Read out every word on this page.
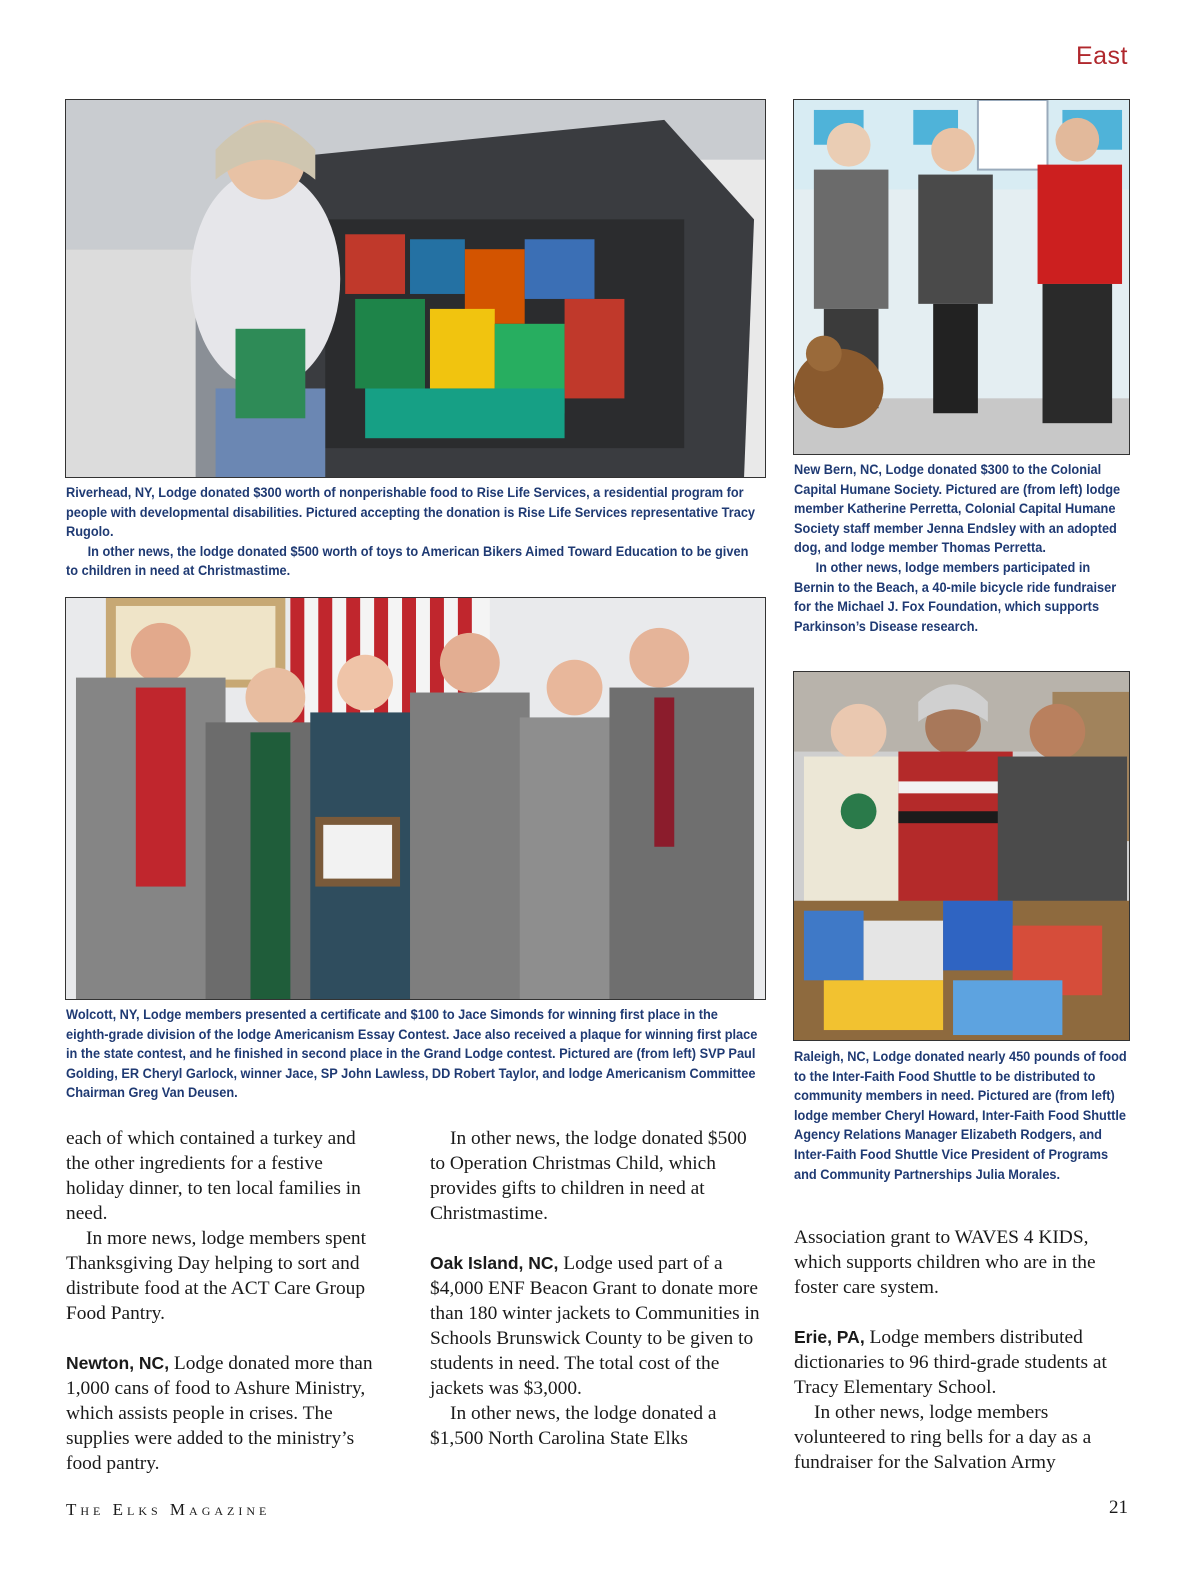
East

Riverhead, NY, Lodge donated $300 worth of nonperishable food to Rise Life Services, a residential program for people with developmental disabilities. Pictured accepting the donation is Rise Life Services representative Tracy Rugolo.

In other news, the lodge donated $500 worth of toys to American Bikers Aimed Toward Education to be given to children in need at Christmastime.

New Bern, NC, Lodge donated $300 to the Colonial Capital Humane Society. Pictured are (from left) lodge member Katherine Perretta, Colonial Capital Humane Society staff member Jenna Endsley with an adopted dog, and lodge member Thomas Perretta.

In other news, lodge members participated in Bernin to the Beach, a 40-mile bicycle ride fundraiser for the Michael J. Fox Foundation, which supports Parkinson’s Disease research.

Wolcott, NY, Lodge members presented a certificate and $100 to Jace Simonds for winning first place in the eighth-grade division of the lodge Americanism Essay Contest. Jace also received a plaque for winning first place in the state contest, and he finished in second place in the Grand Lodge contest. Pictured are (from left) SVP Paul Golding, ER Cheryl Garlock, winner Jace, SP John Lawless, DD Robert Taylor, and lodge Americanism Committee Chairman Greg Van Deusen.

Raleigh, NC, Lodge donated nearly 450 pounds of food to the Inter-Faith Food Shuttle to be distributed to community members in need. Pictured are (from left) lodge member Cheryl Howard, Inter-Faith Food Shuttle Agency Relations Manager Elizabeth Rodgers, and Inter-Faith Food Shuttle Vice President of Programs and Community Partnerships Julia Morales.

each of which contained a turkey and the other ingredients for a festive holiday dinner, to ten local families in need.

In more news, lodge members spent Thanksgiving Day helping to sort and distribute food at the ACT Care Group Food Pantry.

Newton, NC, Lodge donated more than 1,000 cans of food to Ashure Ministry, which assists people in crises. The supplies were added to the ministry’s food pantry.

In other news, the lodge donated $500 to Operation Christmas Child, which provides gifts to children in need at Christmastime.

Oak Island, NC, Lodge used part of a $4,000 ENF Beacon Grant to donate more than 180 winter jackets to Communities in Schools Brunswick County to be given to students in need. The total cost of the jackets was $3,000.

In other news, the lodge donated a $1,500 North Carolina State Elks

Association grant to WAVES 4 KIDS, which supports children who are in the foster care system.

Erie, PA, Lodge members distributed dictionaries to 96 third-grade students at Tracy Elementary School.

In other news, lodge members volunteered to ring bells for a day as a fundraiser for the Salvation Army

The Elks Magazine	21
